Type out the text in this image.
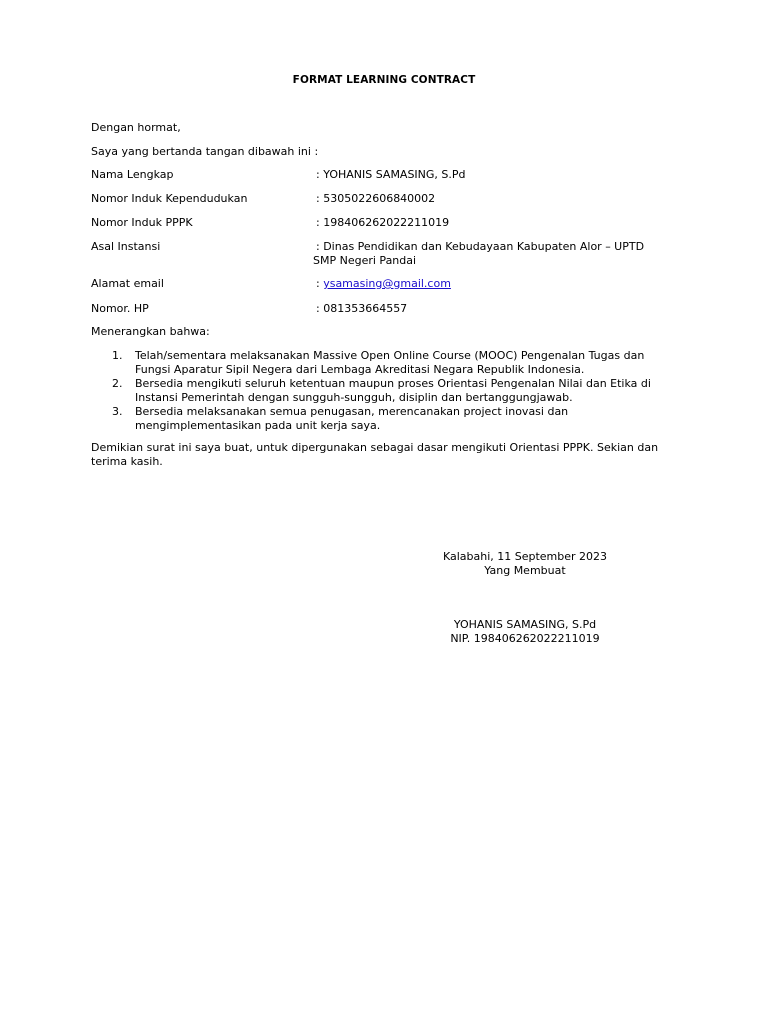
FORMAT LEARNING CONTRACT
Dengan hormat,
Saya yang bertanda tangan dibawah ini :
Nama Lengkap	: YOHANIS SAMASING, S.Pd
Nomor Induk Kependudukan	: 5305022606840002
Nomor Induk PPPK	: 198406262022211019
Asal Instansi	: Dinas Pendidikan dan Kebudayaan Kabupaten Alor – UPTD
SMP Negeri Pandai
Alamat email	: ysamasing@gmail.com
Nomor. HP	: 081353664557
Menerangkan bahwa:
1. Telah/sementara melaksanakan Massive Open Online Course (MOOC) Pengenalan Tugas dan
Fungsi Aparatur Sipil Negera dari Lembaga Akreditasi Negara Republik Indonesia.
2. Bersedia mengikuti seluruh ketentuan maupun proses Orientasi Pengenalan Nilai dan Etika di
Instansi Pemerintah dengan sungguh-sungguh, disiplin dan bertanggungjawab.
3. Bersedia melaksanakan semua penugasan, merencanakan project inovasi dan
mengimplementasikan pada unit kerja saya.
Demikian surat ini saya buat, untuk dipergunakan sebagai dasar mengikuti Orientasi PPPK. Sekian dan
terima kasih.
Kalabahi, 11 September 2023
Yang Membuat
YOHANIS SAMASING, S.Pd
NIP. 198406262022211019
